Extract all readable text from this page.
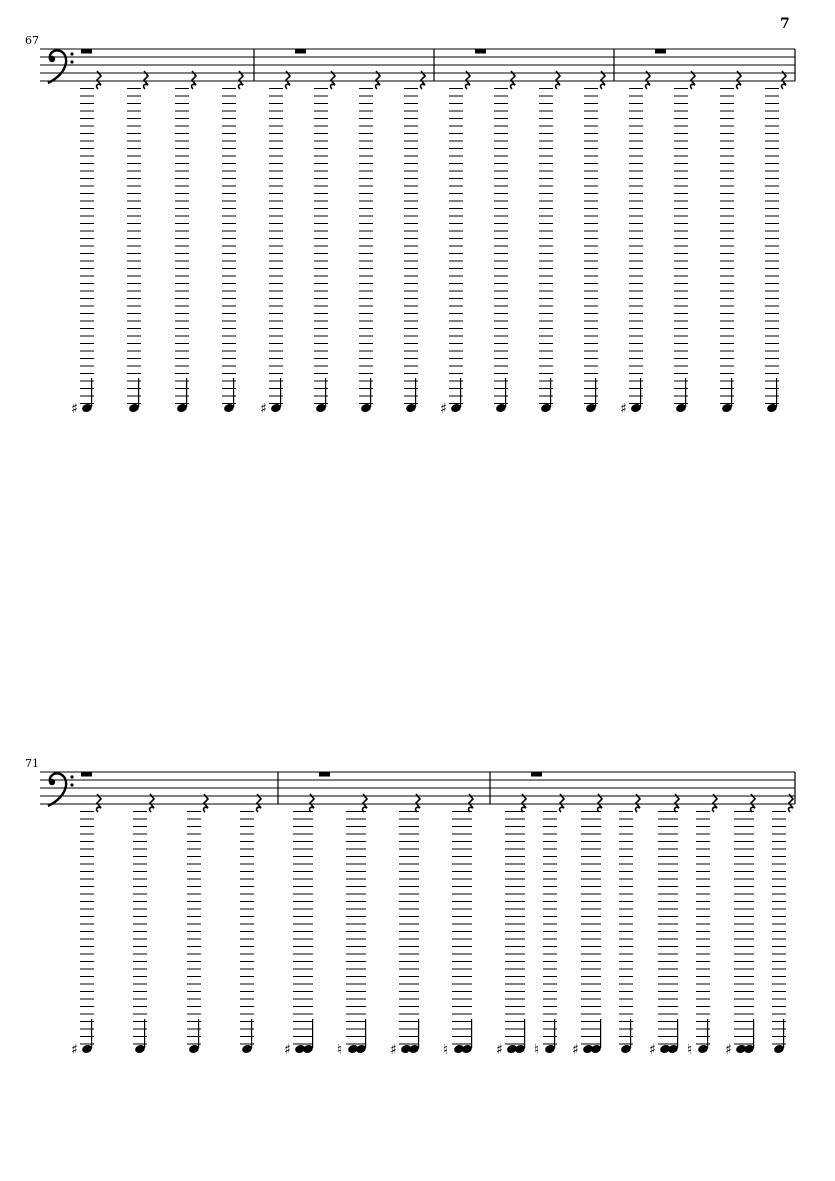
7
67
71
♯	♯	♯	♯
♯	♯	♮	♯	♮	♯ ♮ ♯	♯ ♮ ♯
